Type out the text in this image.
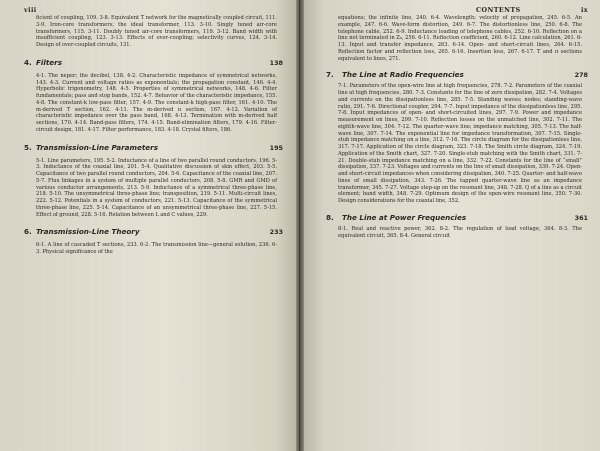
viii

ficient of coupling, 109. 3-8. Equivalent T network for the magnetically coupled circuit, 111. 3-9. Iron-core transformers; the ideal transformer, 113. 3-10. Singly tuned air-core transformers, 115. 3-11. Doubly tuned air-core transformers, 119. 3-12. Band width with insufficient coupling, 123. 3-13. Effects of over-coupling; selectivity curves, 124. 3-14. Design of over-coupled circuits, 131.

4. Filters	138

4-1. The neper; the decibel, 138. 4-2. Characteristic impedance of symmetrical networks, 143. 4-3. Current and voltage ratios as exponentials; the propagation constant, 146. 4-4. Hyperbolic trigonometry, 148. 4-5. Properties of symmetrical networks, 148. 4-6. Filter fundamentals; pass and stop bands, 152. 4-7. Behavior of the characteristic impedance, 155. 4-8. The constant-k low-pass filter, 157. 4-9. The constant-k high-pass filter, 161. 4-10. The m-derived T section, 162. 4-11. The m-derived π section, 167. 4-12. Variation of characteristic impedance over the pass band, 168. 4-13. Termination with m-derived half sections, 170. 4-14. Band-pass filters, 174. 4-15. Band-elimination filters, 179. 4-16. Filter-circuit design, 181. 4-17. Filter performance, 183. 4-18. Crystal filters, 186.

5. Transmission-Line Parameters	195

5-1. Line parameters, 195. 5-2. Inductance of a line of two parallel round conductors, 196. 5-3. Inductance of the coaxial line, 201. 5-4. Qualitative discussion of skin effect, 203. 5-5. Capacitance of two parallel round conductors, 204. 5-6. Capacitance of the coaxial line, 207. 5-7. Flux linkages in a system of multiple parallel conductors, 208. 5-8. GMR and GMD of various conductor arrangements, 213. 5-9. Inductance of a symmetrical three-phase line, 218. 5-10. The unsymmetrical three-phase line; transposition, 219. 5-11. Multi-circuit lines, 222. 5-12. Potentials in a system of conductors, 221. 5-13. Capacitance of the symmetrical three-phase line, 225. 5-14. Capacitance of an unsymmetrical three-phase line, 227. 5-15. Effect of ground, 228. 5-16. Relation between L and C values, 229.

6. Transmission-Line Theory	233

6-1. A line of cascaded T sections, 233. 6-2. The transmission line—general solution, 236. 6-3. Physical significance of the

CONTENTS	ix

equations; the infinite line, 240. 6-4. Wavelength; velocity of propagation, 245. 6-5. An example, 247. 6-6. Wave-form distortion, 249. 6-7. The distortionless line, 250. 6-8. The telephone cable, 252. 6-9. Inductance loading of telephone cables, 252. 6-10. Reflection on a line not terminated in Z₀, 256. 6-11. Reflection coefficient, 260. 6-12. Line calculation, 261. 6-13. Input and transfer impedance, 263. 6-14. Open- and short-circuit lines, 264. 6-15. Reflection factor and reflection loss, 265. 6-16. Insertion loss, 267. 6-17. T and π sections equivalent to lines, 271.

7.	The Line at Radio Frequencies	278

7-1. Parameters of the open-wire line at high frequencies, 278. 7-2. Parameters of the coaxial line at high frequencies, 280. 7-3. Constants for the line of zero dissipation, 282. 7-4. Voltages and currents on the dissipationless line, 285. 7-5. Standing waves; nodes; standing-wave ratio, 291. 7-6. Directional coupler, 294. 7-7. Input impedance of the dissipationless line, 295. 7-8. Input impedances of open- and short-circuited lines, 297. 7-9. Power and impedance measurement on lines, 299. 7-10. Reflection losses on the unmatched line, 302. 7-11. The eighth-wave line, 304. 7-12. The quarter-wave line; impedance matching, 305. 7-13. The half-wave line, 307. 7-14. The exponential line for impedance transformation, 307. 7-15. Single-stub impedance matching on a line, 312. 7-16. The circle diagram for the dissipationless line, 317. 7-17. Application of the circle diagram, 323. 7-18. The Smith circle diagram, 324. 7-19. Application of the Smith chart, 327. 7-20. Single-stub matching with the Smith chart, 331. 7-21. Double-stub impedance matching on a line, 332. 7-22. Constants for the line of “small” dissipation, 337. 7-23. Voltages and currents on the line of small dissipation, 339. 7-24. Open- and short-circuit impedances when considering dissipation, 340. 7-25. Quarter- and half-wave lines of small dissipation, 343. 7-26. The tapped quarter-wave line as an impedance transformer, 345. 7-27. Voltage step-up on the resonant line, 348. 7-28. Q of a line as a circuit element; band width, 348. 7-29. Optimum design of the open-wire resonant line, 350. 7-30. Design considerations for the coaxial line, 352.

8.	The Line at Power Frequencies	361

8-1. Real and reactive power, 362. 8-2. The regulation of load voltage, 364. 8-3. The equivalent circuit, 365. 8-4. General circuit
